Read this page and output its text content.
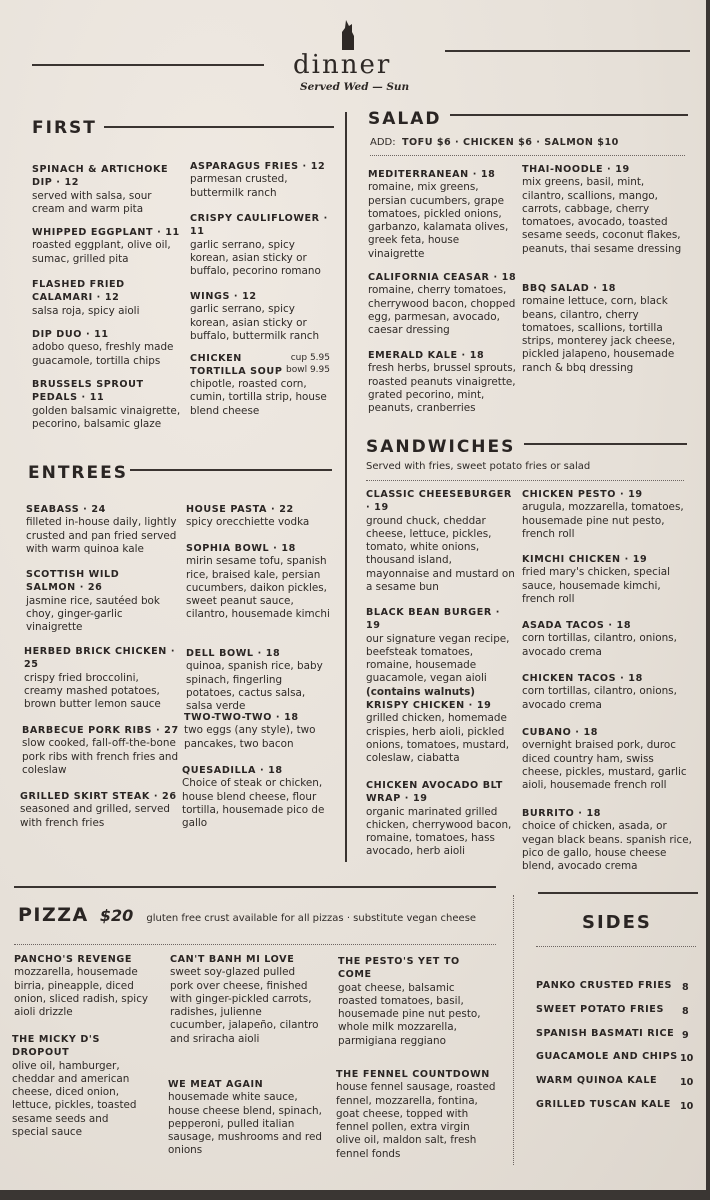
dinner
Served Wed — Sun
FIRST
SPINACH & ARTICHOKE DIP · 12
served with salsa, sour cream and warm pita
WHIPPED EGGPLANT · 11
roasted eggplant, olive oil, sumac, grilled pita
FLASHED FRIED CALAMARI · 12
salsa roja, spicy aioli
DIP DUO · 11
adobo queso, freshly made guacamole, tortilla chips
BRUSSELS SPROUT PEDALS · 11
golden balsamic vinaigrette, pecorino, balsamic glaze
ASPARAGUS FRIES · 12
parmesan crusted, buttermilk ranch
CRISPY CAULIFLOWER · 11
garlic serrano, spicy korean, asian sticky or buffalo, pecorino romano
WINGS · 12
garlic serrano, spicy korean, asian sticky or buffalo, buttermilk ranch
CHICKEN TORTILLA SOUP
cup 5.95
bowl 9.95
chipotle, roasted corn, cumin, tortilla strip, house blend cheese
ENTREES
SEABASS · 24
filleted in-house daily, lightly crusted and pan fried served with warm quinoa kale
SCOTTISH WILD SALMON · 26
jasmine rice, sautéed bok choy, ginger-garlic vinaigrette
HERBED BRICK CHICKEN · 25
crispy fried broccolini, creamy mashed potatoes, brown butter lemon sauce
BARBECUE PORK RIBS · 27
slow cooked, fall-off-the-bone pork ribs with french fries and coleslaw
GRILLED SKIRT STEAK · 26
seasoned and grilled, served with french fries
HOUSE PASTA · 22
spicy orecchiette vodka
SOPHIA BOWL · 18
mirin sesame tofu, spanish rice, braised kale, persian cucumbers, daikon pickles, sweet peanut sauce, cilantro, housemade kimchi
DELL BOWL · 18
quinoa, spanish rice, baby spinach, fingerling potatoes, cactus salsa, salsa verde
TWO-TWO-TWO · 18
two eggs (any style), two pancakes, two bacon
QUESADILLA · 18
Choice of steak or chicken, house blend cheese, flour tortilla, housemade pico de gallo
SALAD
ADD: TOFU $6 · CHICKEN $6 · SALMON $10
MEDITERRANEAN · 18
romaine, mix greens, persian cucumbers, grape tomatoes, pickled onions, garbanzo, kalamata olives, greek feta, house vinaigrette
CALIFORNIA CEASAR · 18
romaine, cherry tomatoes, cherrywood bacon, chopped egg, parmesan, avocado, caesar dressing
EMERALD KALE · 18
fresh herbs, brussel sprouts, roasted peanuts vinaigrette, grated pecorino, mint, peanuts, cranberries
THAI-NOODLE · 19
mix greens, basil, mint, cilantro, scallions, mango, carrots, cabbage, cherry tomatoes, avocado, toasted sesame seeds, coconut flakes, peanuts, thai sesame dressing
BBQ SALAD · 18
romaine lettuce, corn, black beans, cilantro, cherry tomatoes, scallions, tortilla strips, monterey jack cheese, pickled jalapeno, housemade ranch & bbq dressing
SANDWICHES
Served with fries, sweet potato fries or salad
CLASSIC CHEESEBURGER · 19
ground chuck, cheddar cheese, lettuce, pickles, tomato, white onions, thousand island, mayonnaise and mustard on a sesame bun
BLACK BEAN BURGER · 19
our signature vegan recipe, beefsteak tomatoes, romaine, housemade guacamole, vegan aioli
(contains walnuts)
KRISPY CHICKEN · 19
grilled chicken, homemade crispies, herb aioli, pickled onions, tomatoes, mustard, coleslaw, ciabatta
CHICKEN AVOCADO BLT WRAP · 19
organic marinated grilled chicken, cherrywood bacon, romaine, tomatoes, hass avocado, herb aioli
CHICKEN PESTO · 19
arugula, mozzarella, tomatoes, housemade pine nut pesto, french roll
KIMCHI CHICKEN · 19
fried mary's chicken, special sauce, housemade kimchi, french roll
ASADA TACOS · 18
corn tortillas, cilantro, onions, avocado crema
CHICKEN TACOS · 18
corn tortillas, cilantro, onions, avocado crema
CUBANO · 18
overnight braised pork, duroc diced country ham, swiss cheese, pickles, mustard, garlic aioli, housemade french roll
BURRITO · 18
choice of chicken, asada, or vegan black beans. spanish rice, pico de gallo, house cheese blend, avocado crema
PIZZA $20 gluten free crust available for all pizzas · substitute vegan cheese
PANCHO'S REVENGE
mozzarella, housemade birria, pineapple, diced onion, sliced radish, spicy aioli drizzle
THE MICKY D'S DROPOUT
olive oil, hamburger, cheddar and american cheese, diced onion, lettuce, pickles, toasted sesame seeds and special sauce
CAN'T BANH MI LOVE
sweet soy-glazed pulled pork over cheese, finished with ginger-pickled carrots, radishes, julienne cucumber, jalapeño, cilantro and sriracha aioli
WE MEAT AGAIN
housemade white sauce, house cheese blend, spinach, pepperoni, pulled italian sausage, mushrooms and red onions
THE PESTO'S YET TO COME
goat cheese, balsamic roasted tomatoes, basil, housemade pine nut pesto, whole milk mozzarella, parmigiana reggiano
THE FENNEL COUNTDOWN
house fennel sausage, roasted fennel, mozzarella, fontina, goat cheese, topped with fennel pollen, extra virgin olive oil, maldon salt, fresh fennel fonds
SIDES
PANKO CRUSTED FRIES 8
SWEET POTATO FRIES 8
SPANISH BASMATI RICE 9
GUACAMOLE AND CHIPS 10
WARM QUINOA KALE 10
GRILLED TUSCAN KALE 10
